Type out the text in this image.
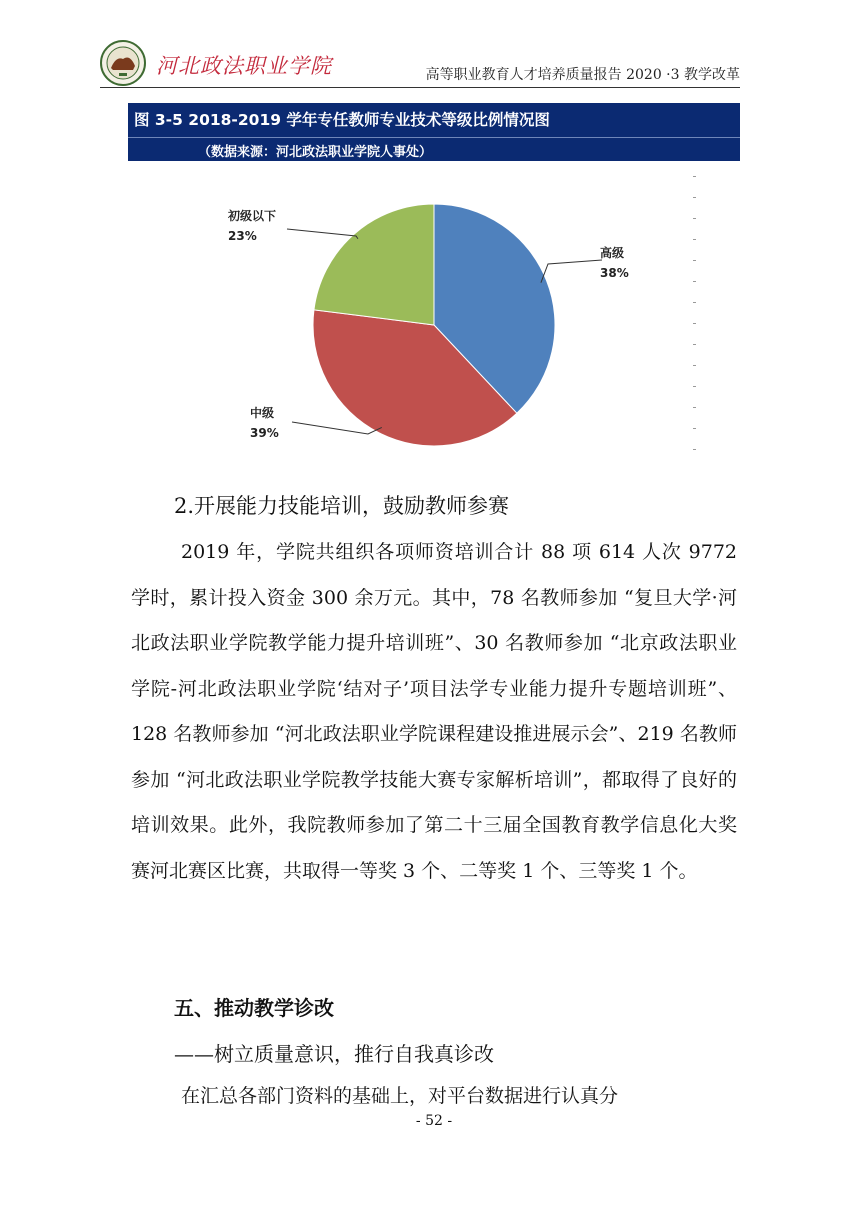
河北政法职业学院	高等职业教育人才培养质量报告 2020 ·3 教学改革
图 3-5 2018-2019 学年专任教师专业技术等级比例情况图
（数据来源：河北政法职业学院人事处）
高级
38%
中级
39%
初级以下
23%
2.开展能力技能培训，鼓励教师参赛

2019 年，学院共组织各项师资培训合计 88 项 614 人次 9772 学时，累计投入资金 300 余万元。其中，78 名教师参加 “复旦大学·河北政法职业学院教学能力提升培训班”、30 名教师参加 “北京政法职业学院-河北政法职业学院‘结对子’项目法学专业能力提升专题培训班”、128 名教师参加 “河北政法职业学院课程建设推进展示会”、219 名教师参加 “河北政法职业学院教学技能大赛专家解析培训”，都取得了良好的培训效果。此外，我院教师参加了第二十三届全国教育教学信息化大奖赛河北赛区比赛，共取得一等奖 3 个、二等奖 1 个、三等奖 1 个。

五、推动教学诊改
——树立质量意识，推行自我真诊改

在汇总各部门资料的基础上，对平台数据进行认真分

- 52 -
